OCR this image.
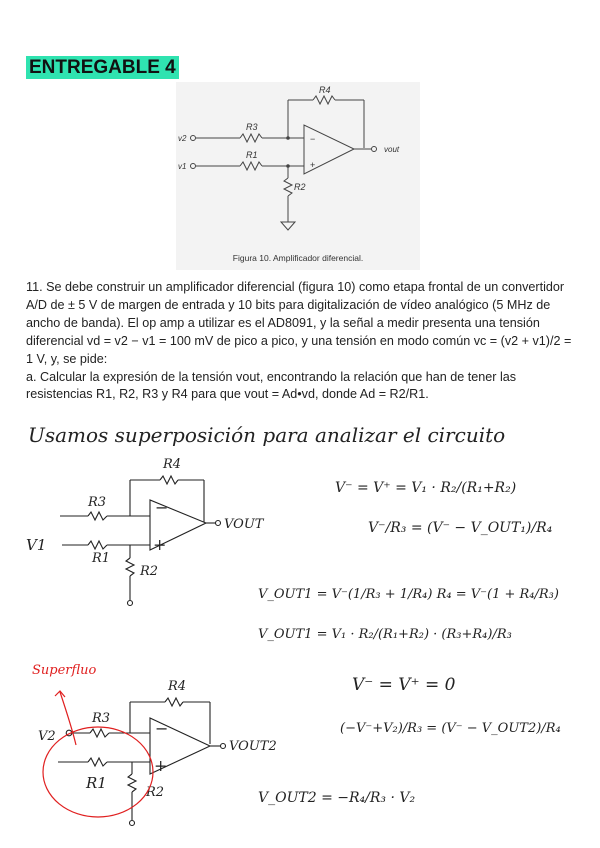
ENTREGABLE 4
R4
R3
R1
R2
v2
v1
vout
−
+
Figura 10. Amplificador diferencial.

11. Se debe construir un amplificador diferencial (figura 10) como etapa frontal de un convertidor A/D de ± 5 V de margen de entrada y 10 bits para digitalización de vídeo analógico (5 MHz de ancho de banda). El op amp a utilizar es el AD8091, y la señal a medir presenta una tensión diferencial vd = v2 − v1 = 100 mV de pico a pico, y una tensión en modo común vc = (v2 + v1)/2 = 1 V, y, se pide:

a. Calcular la expresión de la tensión vout, encontrando la relación que han de tener las resistencias R1, R2, R3 y R4 para que vout = Ad•vd, donde Ad = R2/R1.

Usamos superposición para analizar el circuito
R4
R3
R1
R2
V1
VOUT
−
+
R4
R3
R1
R2
V2
VOUT2
−
+
Superfluo
V⁻ = V⁺ = V₁ · R₂/(R₁+R₂)
V⁻/R₃ = (V⁻ − V_OUT₁)/R₄
V_OUT1 = V⁻(1/R₃ + 1/R₄) R₄ = V⁻(1 + R₄/R₃)
V_OUT1 = V₁ · R₂/(R₁+R₂) · (R₃+R₄)/R₃
V⁻ = V⁺ = 0
(−V⁻+V₂)/R₃ = (V⁻ − V_OUT2)/R₄
V_OUT2 = −R₄/R₃ · V₂
